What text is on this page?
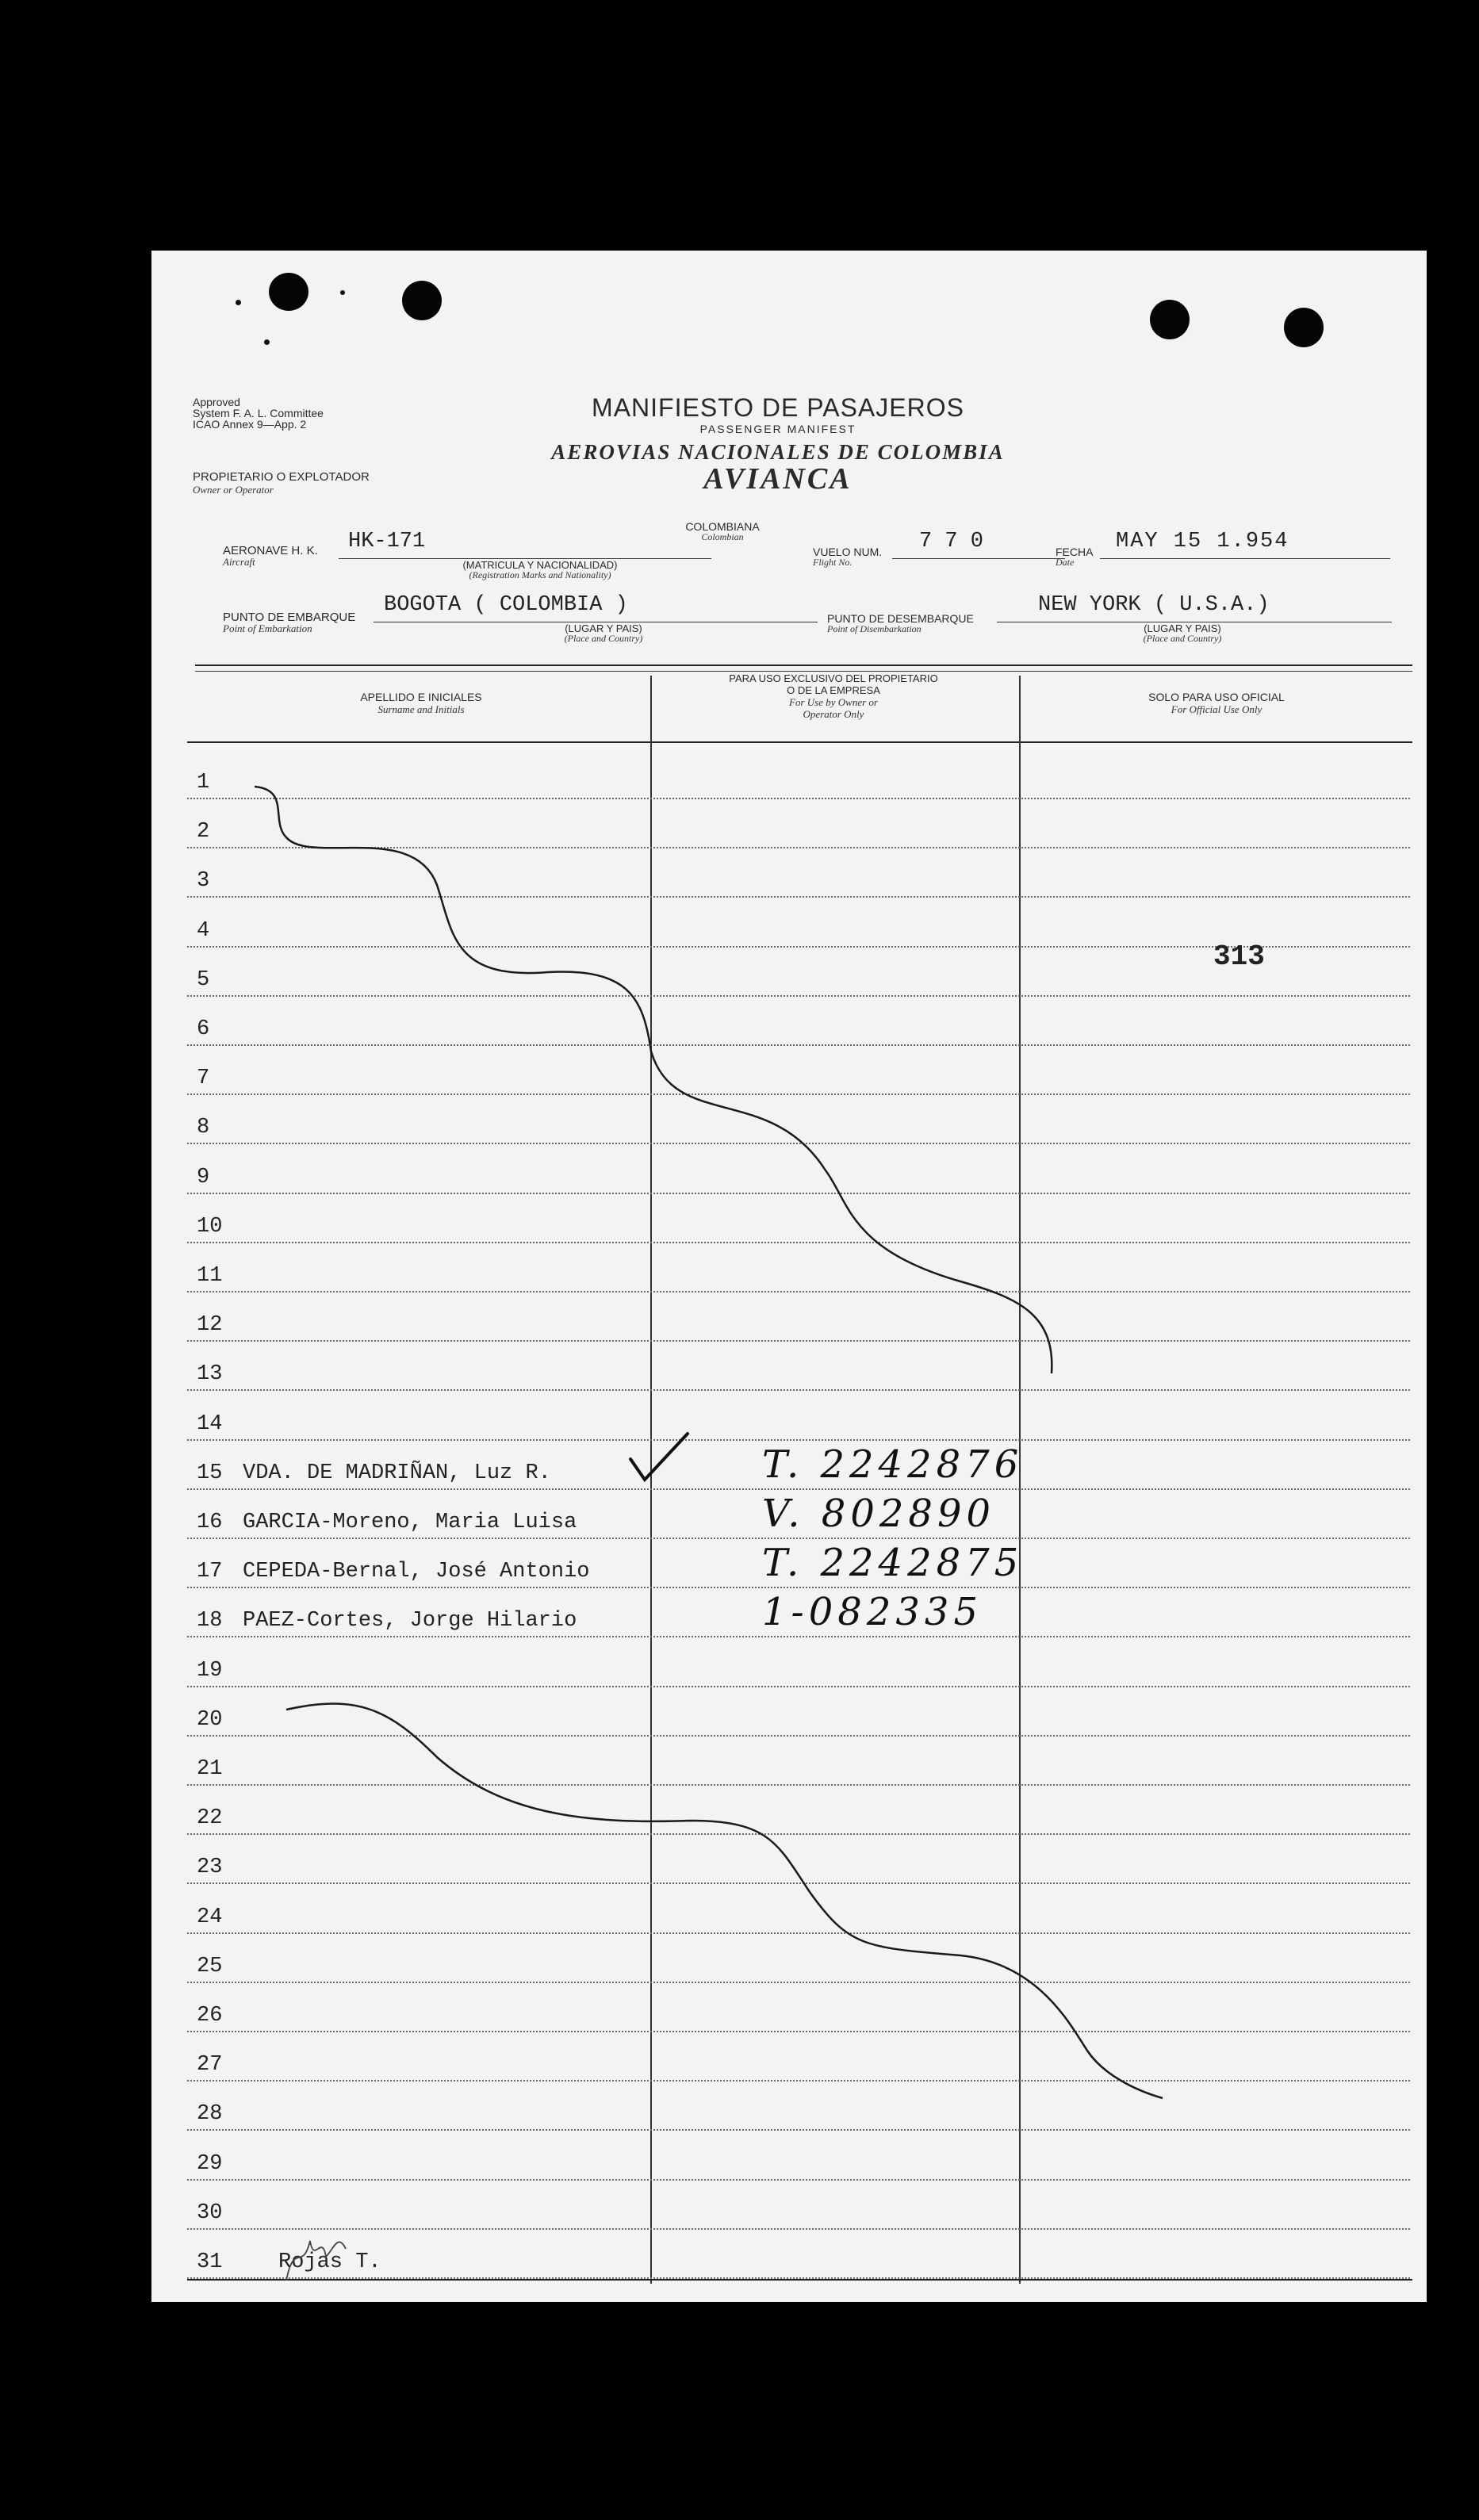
Approved
System F. A. L. Committee
ICAO Annex 9—App. 2
PROPIETARIO O EXPLOTADOR
Owner or Operator
MANIFIESTO DE PASAJEROS
PASSENGER MANIFEST
AEROVIAS NACIONALES DE COLOMBIA
AVIANCA
AERONAVE H. K.
Aircraft
HK-171
(MATRICULA Y NACIONALIDAD)
(Registration Marks and Nationality)
COLOMBIANA
Colombian
VUELO NUM.
Flight No.
7 7 0	FECHA
Date
MAY 15 1.954
PUNTO DE EMBARQUE
Point of Embarkation
BOGOTA ( COLOMBIA )
(LUGAR Y PAIS)
(Place and Country)
PUNTO DE DESEMBARQUE
Point of Disembarkation
NEW YORK ( U.S.A.)
(LUGAR Y PAIS)
(Place and Country)
APELLIDO E INICIALES
Surname and Initials
PARA USO EXCLUSIVO DEL PROPIETARIO
O DE LA EMPRESA
For Use by Owner or
Operator Only
SOLO PARA USO OFICIAL
For Official Use Only
1
2
3
4
5
6
7
8
9
10
11
12
13
14
15 VDA. DE MADRIÑAN, Luz R.	T. 2242876
16 GARCIA-Moreno, Maria Luisa	V. 802890
17 CEPEDA-Bernal, José Antonio	T. 2242875
18 PAEZ-Cortes, Jorge Hilario	1-082335
19
20
21
22
23
24
25
26
27
28
29
30
31	Rojas T.
313
